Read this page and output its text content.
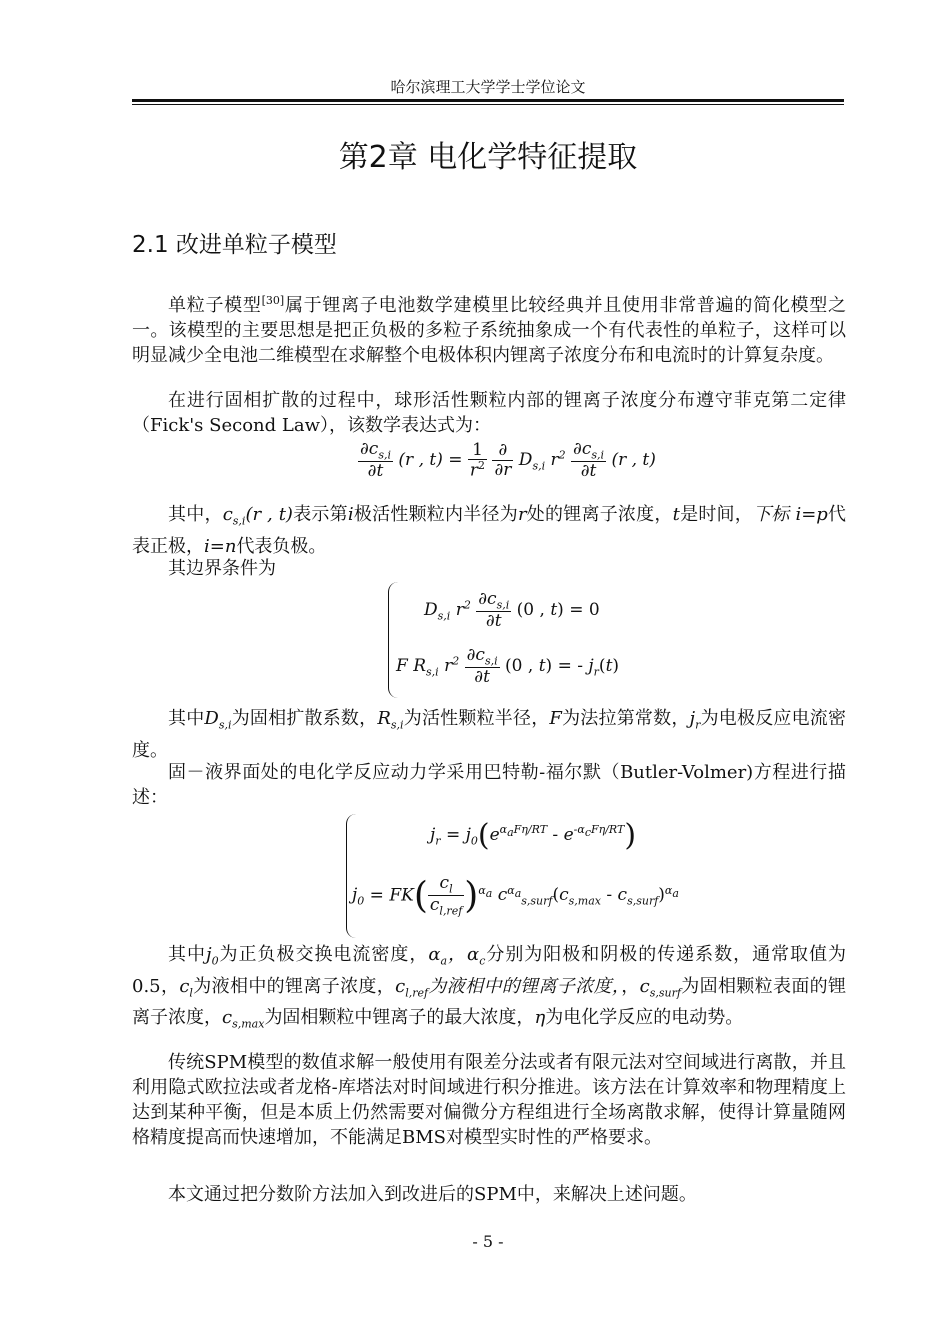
哈尔滨理工大学学士学位论文
第2章 电化学特征提取
2.1 改进单粒子模型
单粒子模型[30]属于锂离子电池数学建模里比较经典并且使用非常普遍的简化模型之一。该模型的主要思想是把正负极的多粒子系统抽象成一个有代表性的单粒子，这样可以明显减少全电池二维模型在求解整个电极体积内锂离子浓度分布和电流时的计算复杂度。
在进行固相扩散的过程中，球形活性颗粒内部的锂离子浓度分布遵守菲克第二定律（Fick's Second Law），该数学表达式为：
$\frac{\partial c_{s,i}}{\partial t} (r$ , $t) = \frac{1}{r^2}$
$\frac{\partial}{\partial r} D_{s,i}$ $r^2 \frac{\partial c_{s,i}}{\partial t} (r$ , t)
其中，$c_{s,i}(r$ , t)表示第i极活性颗粒内半径为r处的锂离子浓度，t是时间，下标 i=p代表正极，i=n代表负极。
其边界条件为
$D_{s,i}$ $r^2 \frac{\partial c_{s,i}}{\partial t} (0$ , t) = 0
F $R_{s,i}$ $r^2 \frac{\partial c_{s,i}}{\partial t} (0$ , t) = - $j_r(t)$
其中$D_{s,i}$为固相扩散系数，$R_{s,i}$为活性颗粒半径，F为法拉第常数，$j_r$为电极反应电流密度。
固－液界面处的电化学反应动力学采用巴特勒-福尔默（Butler-Volmer)方程进行描述：
$j_r = j_0(e^{\alpha_aF\eta/RT} - e^{-\alpha_cF\eta/RT})$
$j_0 = FK( \frac{c_l}{c_{l,ref}} )^{\alpha_a}$ $c^{\alpha_a}_{s,surf}(c_{s,max} - c_{s,surf})^{\alpha_a}$
其中$j_0$为正负极交换电流密度，$\alpha_a$，$\alpha_c$分别为阳极和阴极的传递系数，通常取值为0.5，$c_l$为液相中的锂离子浓度，$c_{l,ref}$为液相中的锂离子浓度，，$c_{s,surf}$为固相颗粒表面的锂离子浓度，$c_{s,max}$为固相颗粒中锂离子的最大浓度，η为电化学反应的电动势。
传统SPM模型的数值求解一般使用有限差分法或者有限元法对空间域进行离散，并且利用隐式欧拉法或者龙格-库塔法对时间域进行积分推进。该方法在计算效率和物理精度上达到某种平衡，但是本质上仍然需要对偏微分方程组进行全场离散求解，使得计算量随网格精度提高而快速增加，不能满足BMS对模型实时性的严格要求。
本文通过把分数阶方法加入到改进后的SPM中，来解决上述问题。
- 5 -
